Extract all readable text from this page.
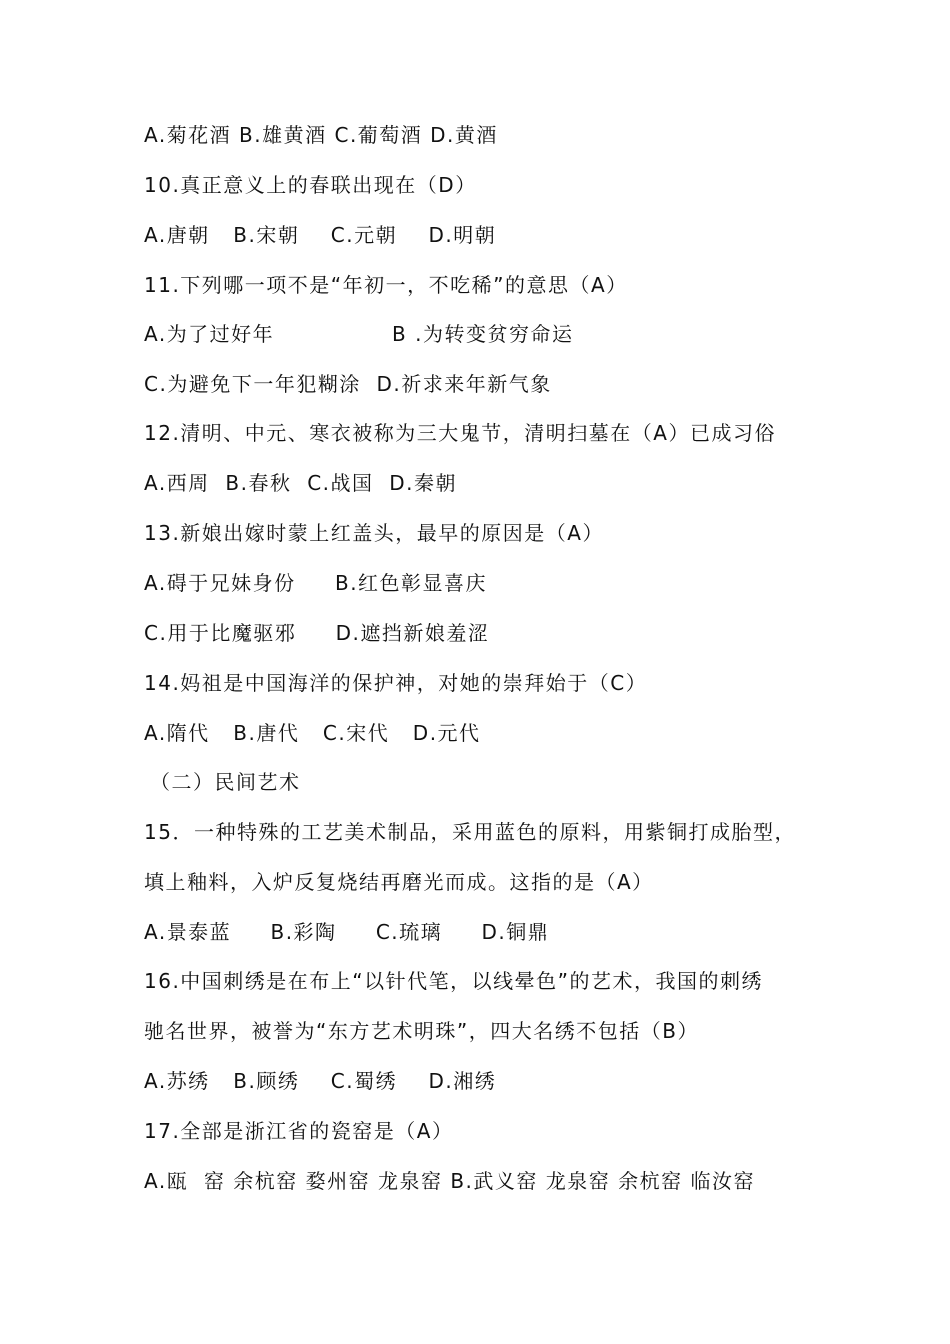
A.菊花酒 B.雄黄酒 C.葡萄酒 D.黄酒
10.真正意义上的春联出现在（D）
A.唐朝   B.宋朝    C.元朝    D.明朝
11.下列哪一项不是“年初一，不吃稀”的意思（A）
A.为了过好年               B .为转变贫穷命运
C.为避免下一年犯糊涂  D.祈求来年新气象
12.清明、中元、寒衣被称为三大鬼节，清明扫墓在（A）已成习俗
A.西周  B.春秋  C.战国  D.秦朝
13.新娘出嫁时蒙上红盖头，最早的原因是（A）
A.碍于兄妹身份     B.红色彰显喜庆
C.用于比魔驱邪     D.遮挡新娘羞涩
14.妈祖是中国海洋的保护神，对她的崇拜始于（C）
A.隋代   B.唐代   C.宋代   D.元代
（二）民间艺术
15．一种特殊的工艺美术制品，采用蓝色的原料，用紫铜打成胎型，
填上釉料，入炉反复烧结再磨光而成。这指的是（A）
A.景泰蓝     B.彩陶     C.琉璃     D.铜鼎
16.中国刺绣是在布上“以针代笔，以线晕色”的艺术，我国的刺绣
驰名世界，被誉为“东方艺术明珠”，四大名绣不包括（B）
A.苏绣   B.顾绣    C.蜀绣    D.湘绣
17.全部是浙江省的瓷窑是（A）
A.瓯  窑 余杭窑 婺州窑 龙泉窑 B.武义窑 龙泉窑 余杭窑 临汝窑
